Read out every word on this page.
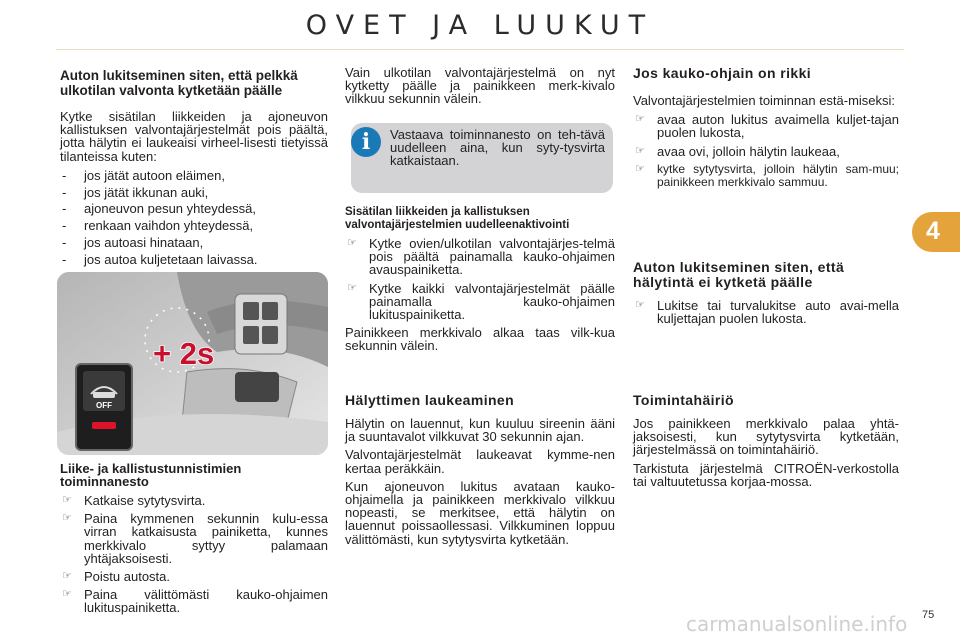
OVET JA LUUKUT
4

Auton lukitseminen siten, että pelkkä ulkotilan valvonta kytketään päälle

Kytke sisätilan liikkeiden ja ajoneuvon kallistuksen valvontajärjestelmät pois päältä, jotta hälytin ei laukeaisi virheel-lisesti tietyissä tilanteissa kuten:

- jos jätät autoon eläimen,
- jos jätät ikkunan auki,
- ajoneuvon pesun yhteydessä,
- renkaan vaihdon yhteydessä,
- jos autoasi hinataan,
- jos autoa kuljetetaan laivassa.
OFF
+ 2s

Liike- ja kallistustunnistimien toiminnanesto

☞ Katkaise sytytysvirta.
☞ Paina kymmenen sekunnin kulu-essa virran katkaisusta painiketta, kunnes merkkivalo syttyy palamaan yhtäjaksoisesti.
☞ Poistu autosta.
☞ Paina välittömästi kauko-ohjaimen lukituspainiketta.

Vain ulkotilan valvontajärjestelmä on nyt kytketty päälle ja painikkeen merk-kivalo vilkkuu sekunnin välein.

i	Vastaava toiminnanesto on teh-tävä uudelleen aina, kun syty-tysvirta katkaistaan.

Sisätilan liikkeiden ja kallistuksen valvontajärjestelmien uudelleenaktivointi

☞ Kytke ovien/ulkotilan valvontajärjes-telmä pois päältä painamalla kauko-ohjaimen avauspainiketta.
☞ Kytke kaikki valvontajärjestelmät päälle painamalla kauko-ohjaimen lukituspainiketta.

Painikkeen merkkivalo alkaa taas vilk-kua sekunnin välein.

Hälyttimen laukeaminen

Hälytin on lauennut, kun kuuluu sireenin ääni ja suuntavalot vilkkuvat 30 sekunnin ajan.

Valvontajärjestelmät laukeavat kymme-nen kertaa peräkkäin.

Kun ajoneuvon lukitus avataan kauko-ohjaimella ja painikkeen merkkivalo vilkkuu nopeasti, se merkitsee, että hälytin on lauennut poissaollessasi. Vilkkuminen loppuu välittömästi, kun sytytysvirta kytketään.

Jos kauko-ohjain on rikki

Valvontajärjestelmien toiminnan estä-miseksi:

☞ avaa auton lukitus avaimella kuljet-tajan puolen lukosta,
☞ avaa ovi, jolloin hälytin laukeaa,
☞ kytke sytytysvirta, jolloin hälytin sam-muu; painikkeen merkkivalo sammuu.
Auton lukitseminen siten, että hälytintä ei kytketä päälle
☞ Lukitse tai turvalukitse auto avai-mella kuljettajan puolen lukosta.
Toimintahäiriö

Jos painikkeen merkkivalo palaa yhtä-jaksoisesti, kun sytytysvirta kytketään, järjestelmässä on toimintahäiriö.

Tarkistuta järjestelmä CITROËN-verkostolla tai valtuutetussa korjaa-mossa.

carmanualsonline.info 75
